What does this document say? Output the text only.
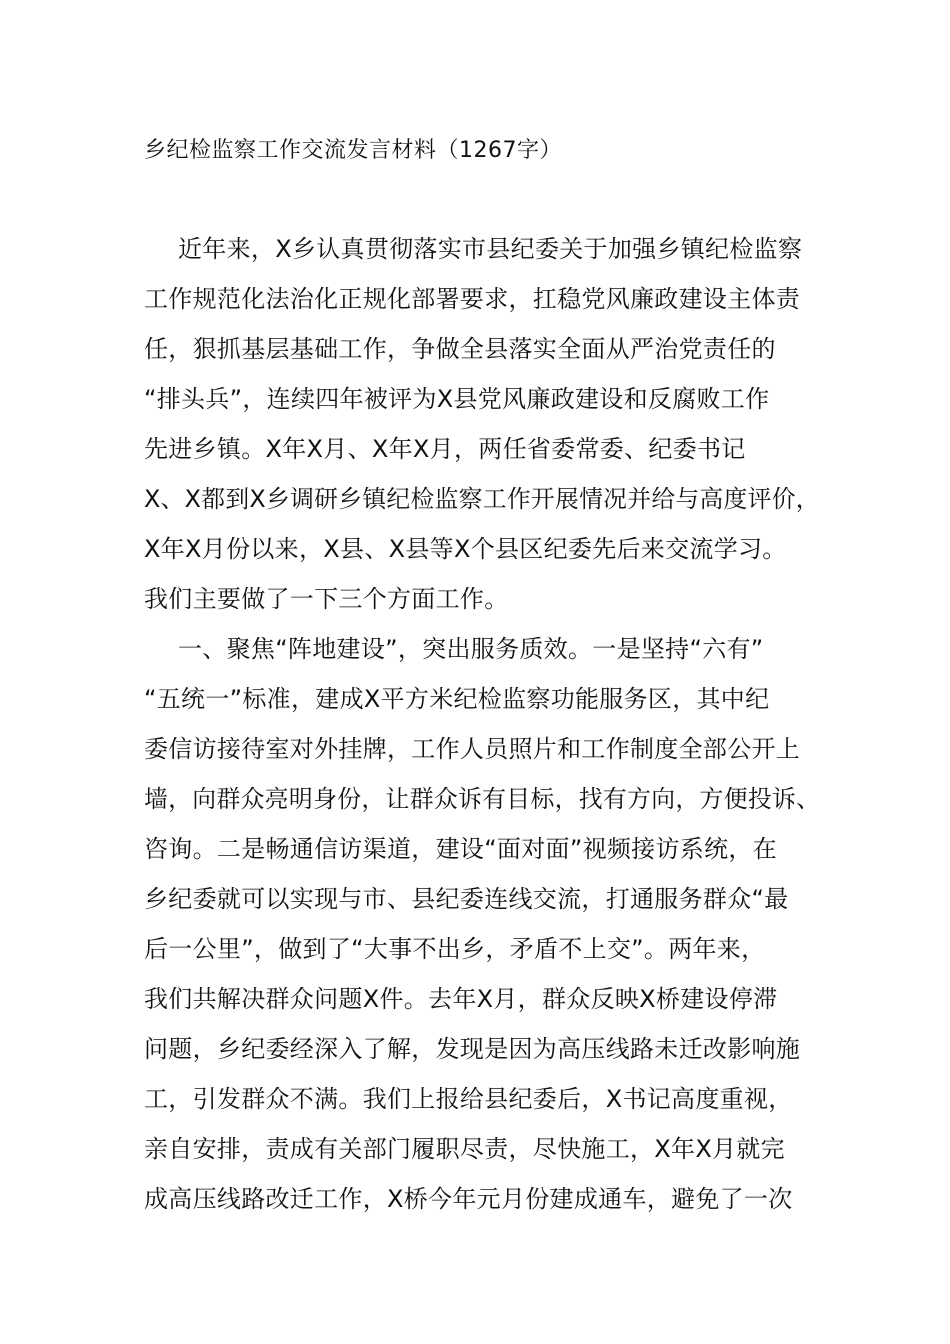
乡纪检监察工作交流发言材料（1267字）
近年来，X乡认真贯彻落实市县纪委关于加强乡镇纪检监察
工作规范化法治化正规化部署要求，扛稳党风廉政建设主体责
任，狠抓基层基础工作，争做全县落实全面从严治党责任的
“排头兵”，连续四年被评为X县党风廉政建设和反腐败工作
先进乡镇。X年X月、X年X月，两任省委常委、纪委书记
X、X都到X乡调研乡镇纪检监察工作开展情况并给与高度评价，
X年X月份以来，X县、X县等X个县区纪委先后来交流学习。
我们主要做了一下三个方面工作。
一、聚焦“阵地建设”，突出服务质效。一是坚持“六有”
“五统一”标准，建成X平方米纪检监察功能服务区，其中纪
委信访接待室对外挂牌，工作人员照片和工作制度全部公开上
墙，向群众亮明身份，让群众诉有目标，找有方向，方便投诉、
咨询。二是畅通信访渠道，建设“面对面”视频接访系统，在
乡纪委就可以实现与市、县纪委连线交流，打通服务群众“最
后一公里”，做到了“大事不出乡，矛盾不上交”。两年来，
我们共解决群众问题X件。去年X月，群众反映X桥建设停滞
问题，乡纪委经深入了解，发现是因为高压线路未迁改影响施
工，引发群众不满。我们上报给县纪委后，X书记高度重视，
亲自安排，责成有关部门履职尽责，尽快施工，X年X月就完
成高压线路改迁工作，X桥今年元月份建成通车，避免了一次
